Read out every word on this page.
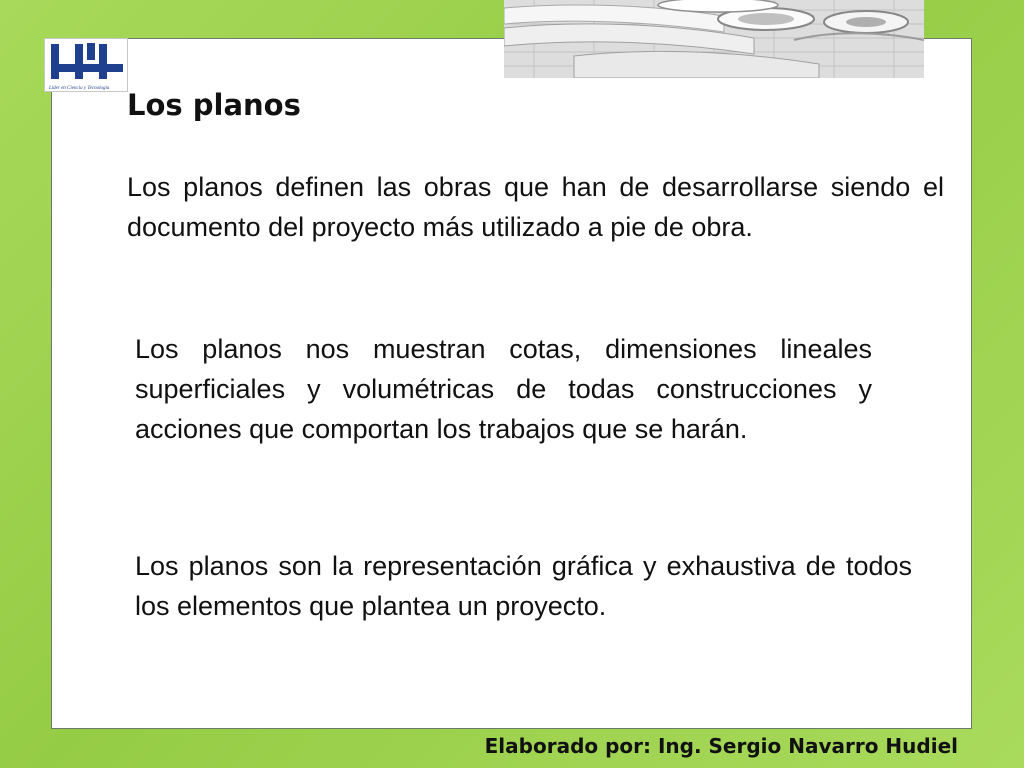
Líder en Ciencia y Tecnología Los planos

Los planos definen las obras que han de desarrollarse siendo el documento del proyecto más utilizado a pie de obra.

Los planos nos muestran cotas, dimensiones lineales superficiales y volumétricas de todas construcciones y acciones que comportan los trabajos que se harán.

Los planos son la representación gráfica y exhaustiva de todos los elementos que plantea un proyecto.

Elaborado por: Ing. Sergio Navarro Hudiel
